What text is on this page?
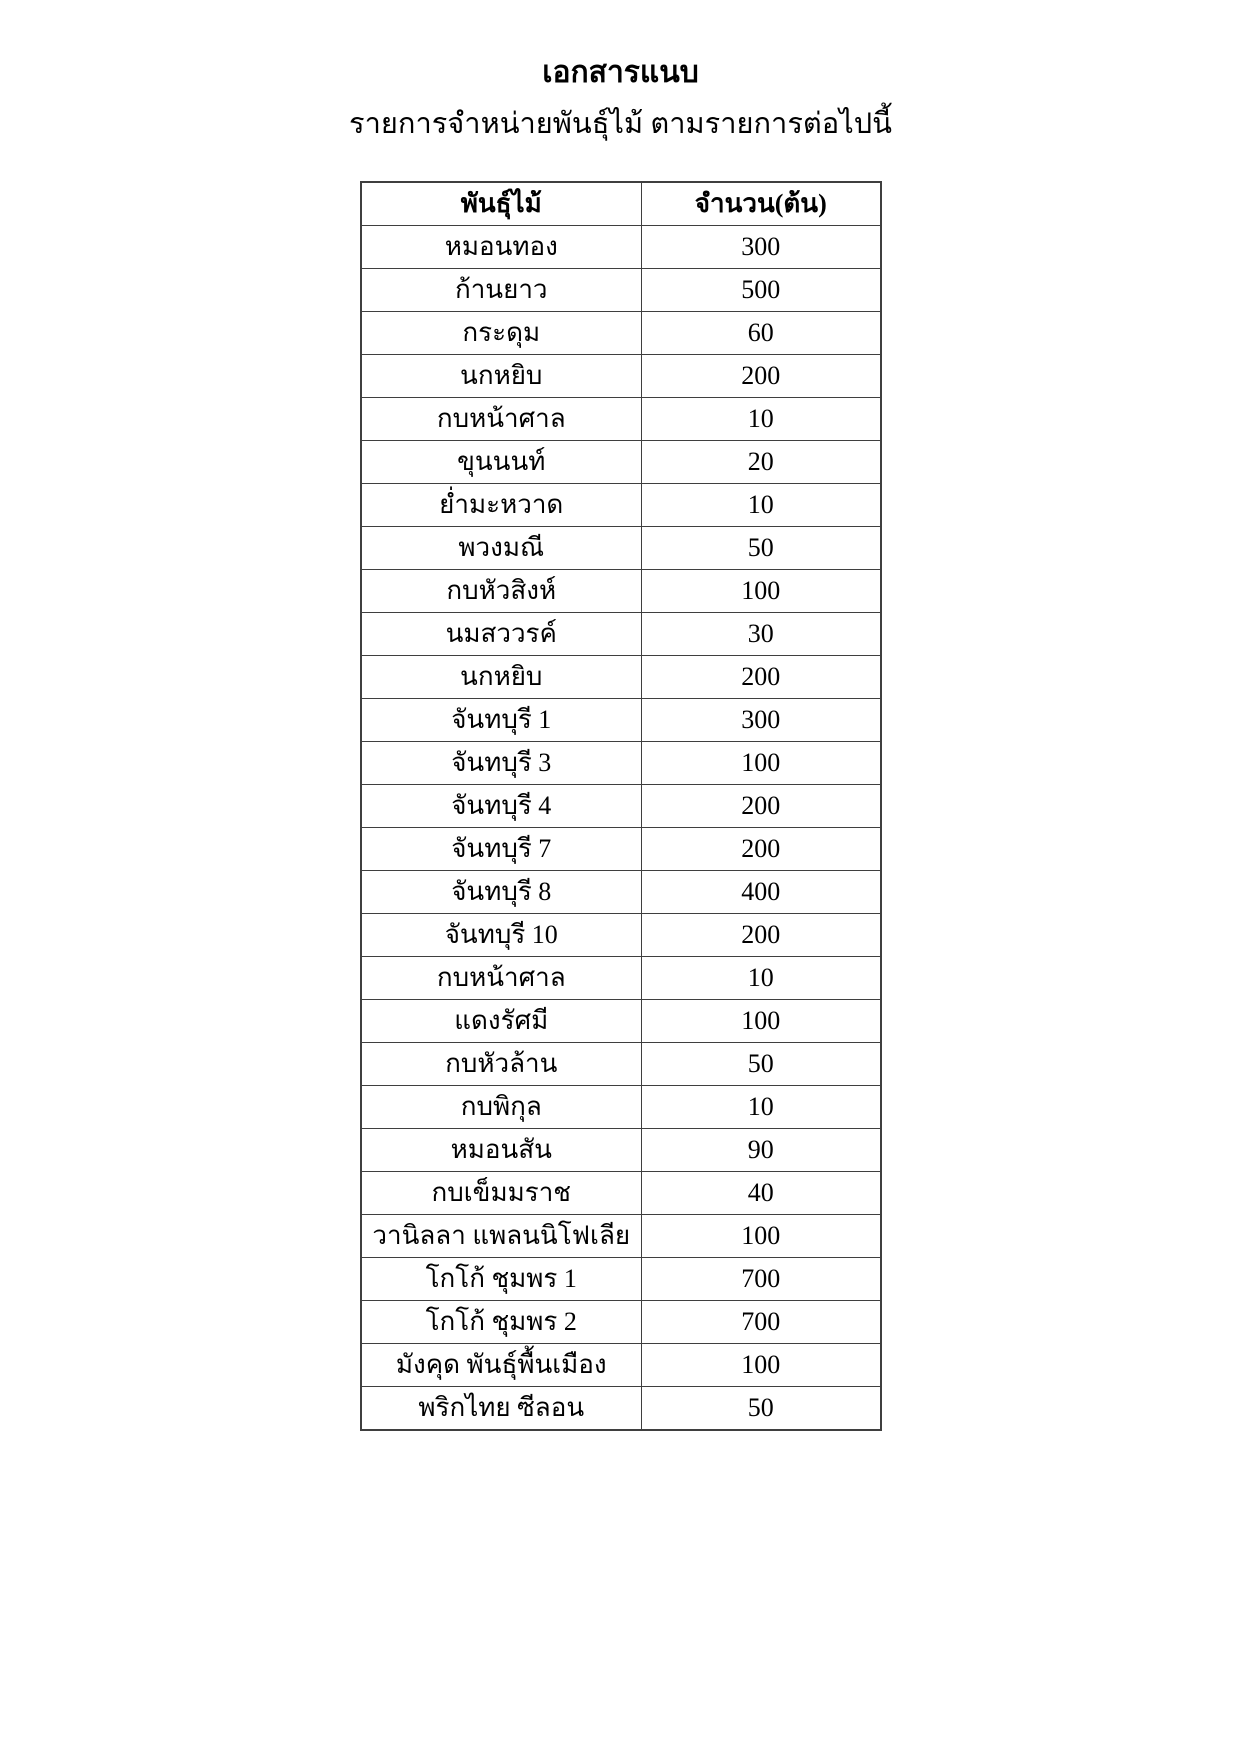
เอกสารแนบ
รายการจำหน่ายพันธุ์ไม้ ตามรายการต่อไปนี้
พันธุ์ไม้	จำนวน(ต้น)
หมอนทอง	300
ก้านยาว	500
กระดุม	60
นกหยิบ	200
กบหน้าศาล	10
ขุนนนท์	20
ย่ำมะหวาด	10
พวงมณี	50
กบหัวสิงห์	100
นมสววรค์	30
นกหยิบ	200
จันทบุรี 1	300
จันทบุรี 3	100
จันทบุรี 4	200
จันทบุรี 7	200
จันทบุรี 8	400
จันทบุรี 10	200
กบหน้าศาล	10
แดงรัศมี	100
กบหัวล้าน	50
กบพิกุล	10
หมอนสัน	90
กบเข็มมราช	40
วานิลลา แพลนนิโฟเลีย	100
โกโก้ ชุมพร 1	700
โกโก้ ชุมพร 2	700
มังคุด พันธุ์พื้นเมือง	100
พริกไทย ซีลอน	50
